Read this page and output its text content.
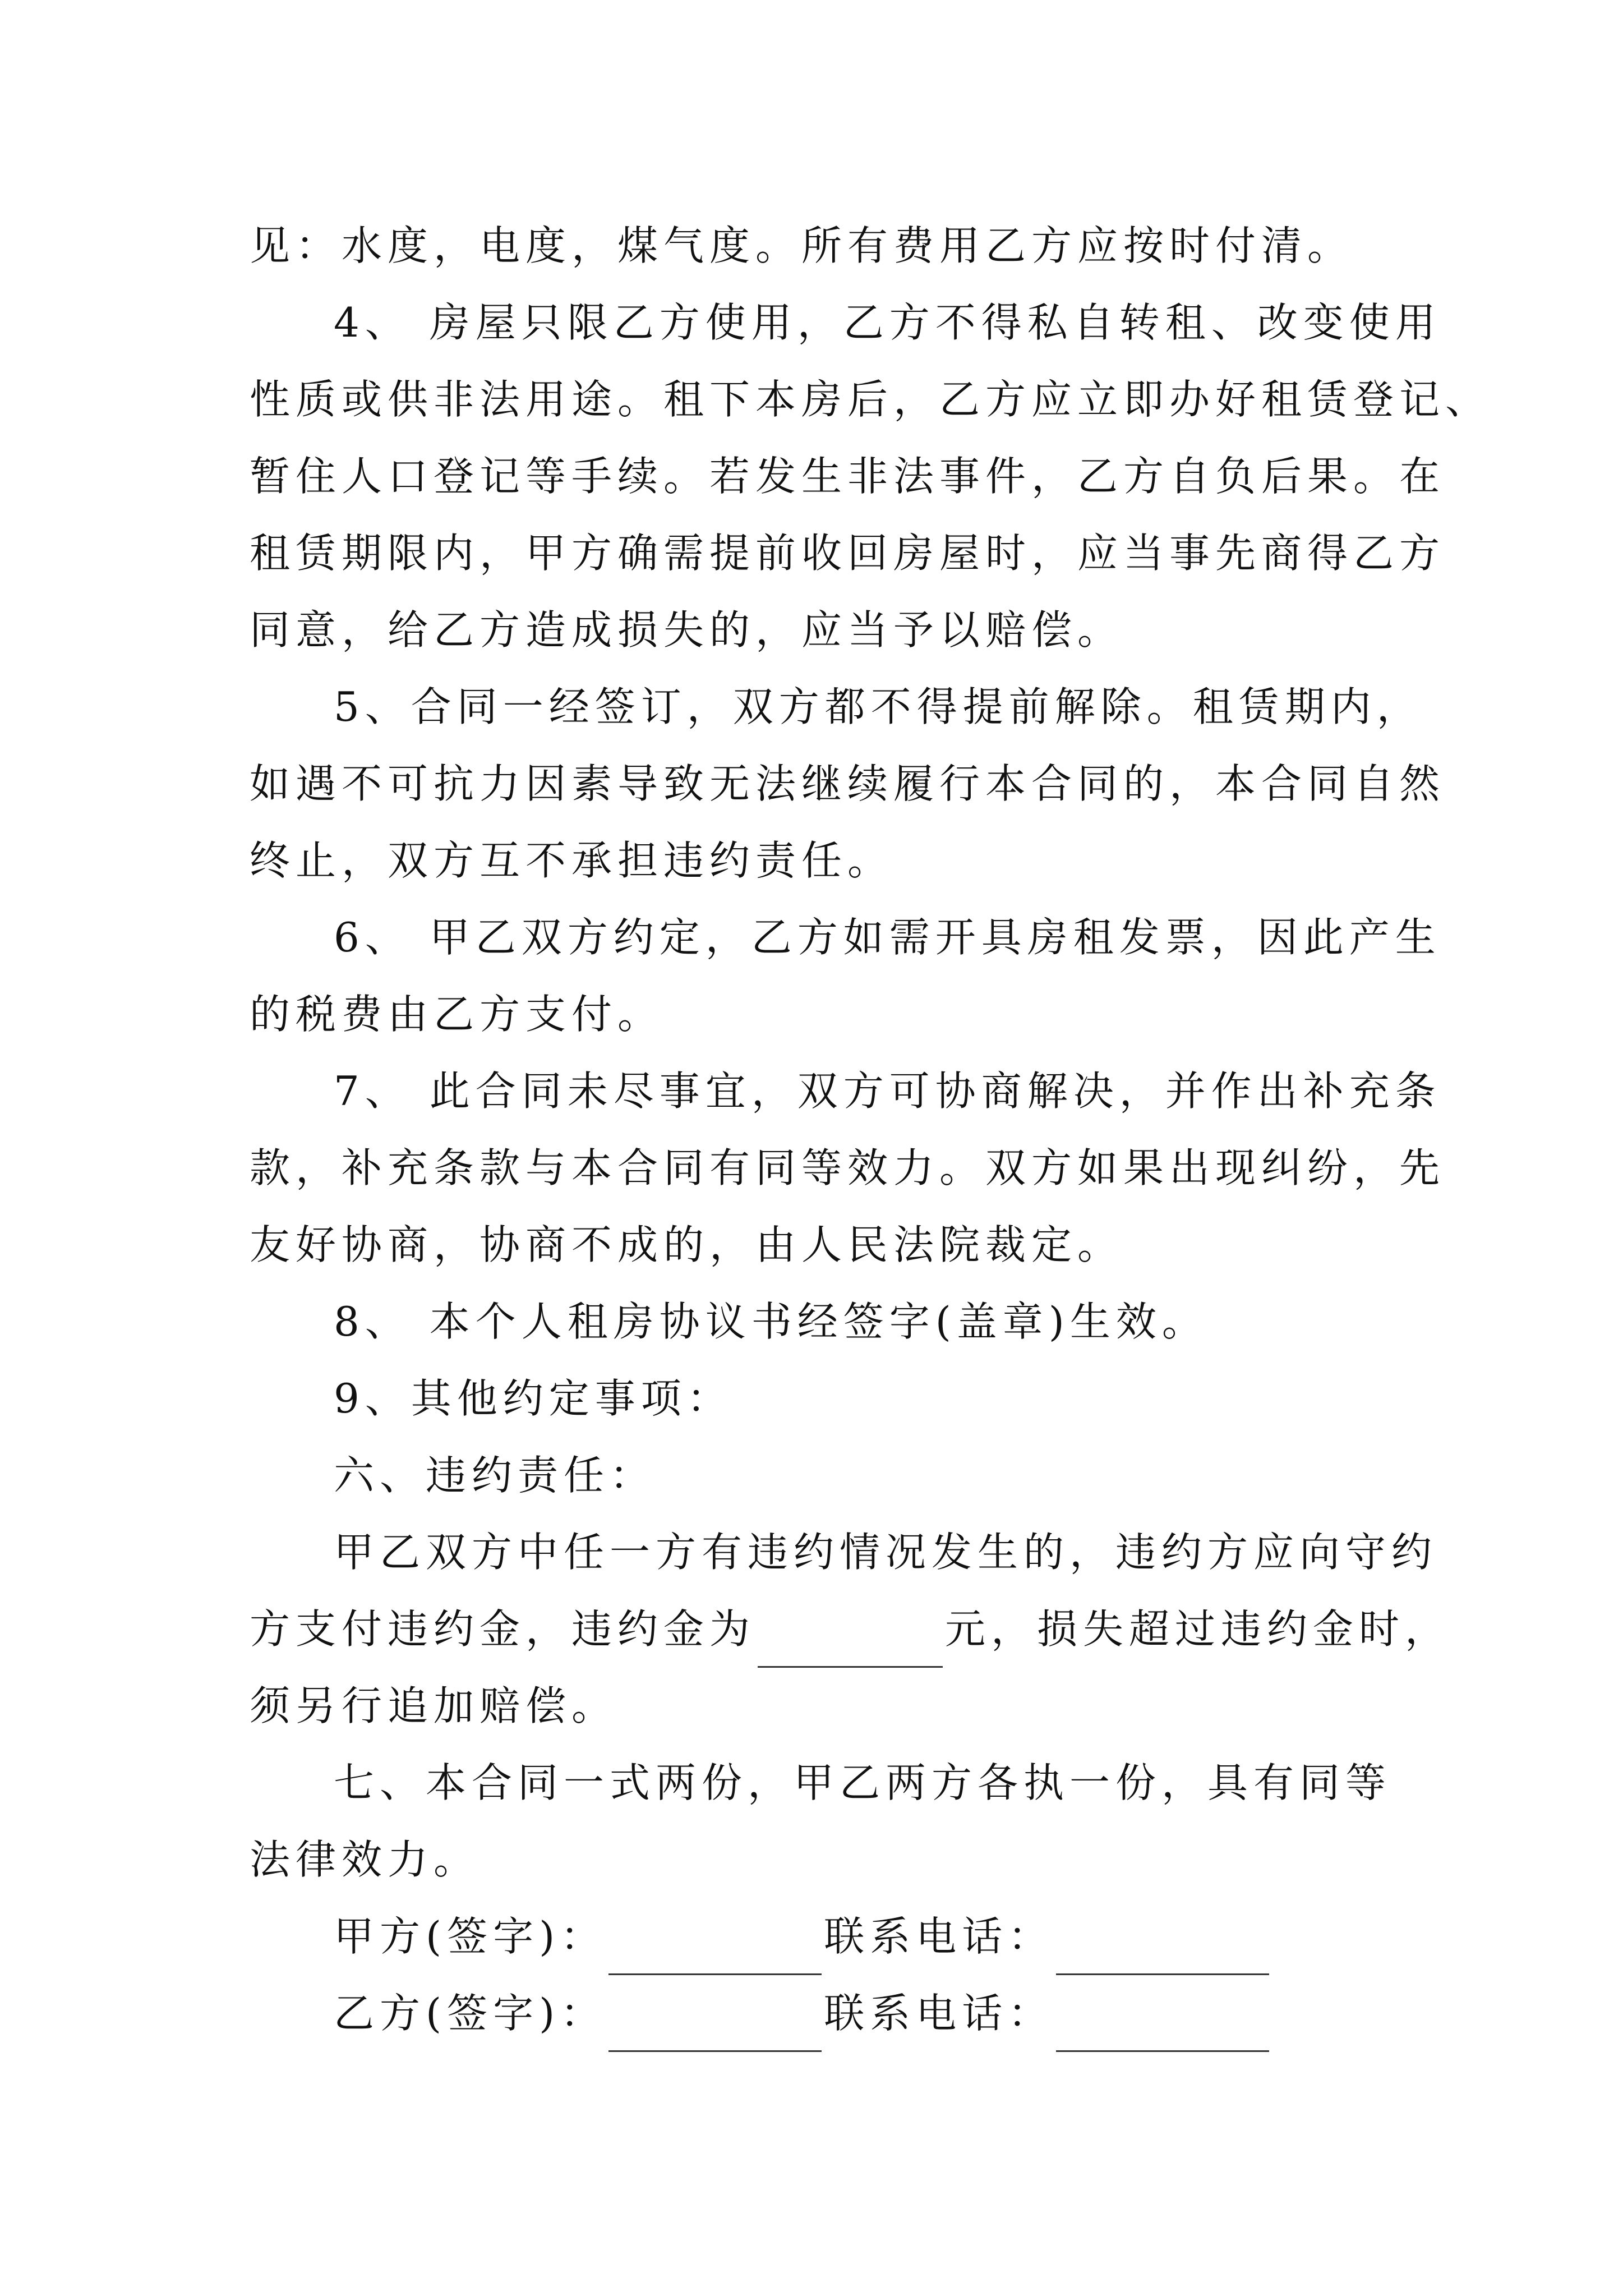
见：水度，电度，煤气度。所有费用乙方应按时付清。
4、 房屋只限乙方使用，乙方不得私自转租、改变使用
性质或供非法用途。租下本房后，乙方应立即办好租赁登记、
暂住人口登记等手续。若发生非法事件，乙方自负后果。在
租赁期限内，甲方确需提前收回房屋时，应当事先商得乙方
同意，给乙方造成损失的，应当予以赔偿。
5、合同一经签订，双方都不得提前解除。租赁期内，
如遇不可抗力因素导致无法继续履行本合同的，本合同自然
终止，双方互不承担违约责任。
6、 甲乙双方约定，乙方如需开具房租发票，因此产生
的税费由乙方支付。
7、 此合同未尽事宜，双方可协商解决，并作出补充条
款，补充条款与本合同有同等效力。双方如果出现纠纷，先
友好协商，协商不成的，由人民法院裁定。
8、 本个人租房协议书经签字(盖章)生效。
9、其他约定事项：
六、违约责任：
甲乙双方中任一方有违约情况发生的，违约方应向守约
方支付违约金，违约金为	元，损失超过违约金时，
须另行追加赔偿。
七、本合同一式两份，甲乙两方各执一份，具有同等
法律效力。
甲方(签字)：	联系电话：
乙方(签字)：	联系电话：
